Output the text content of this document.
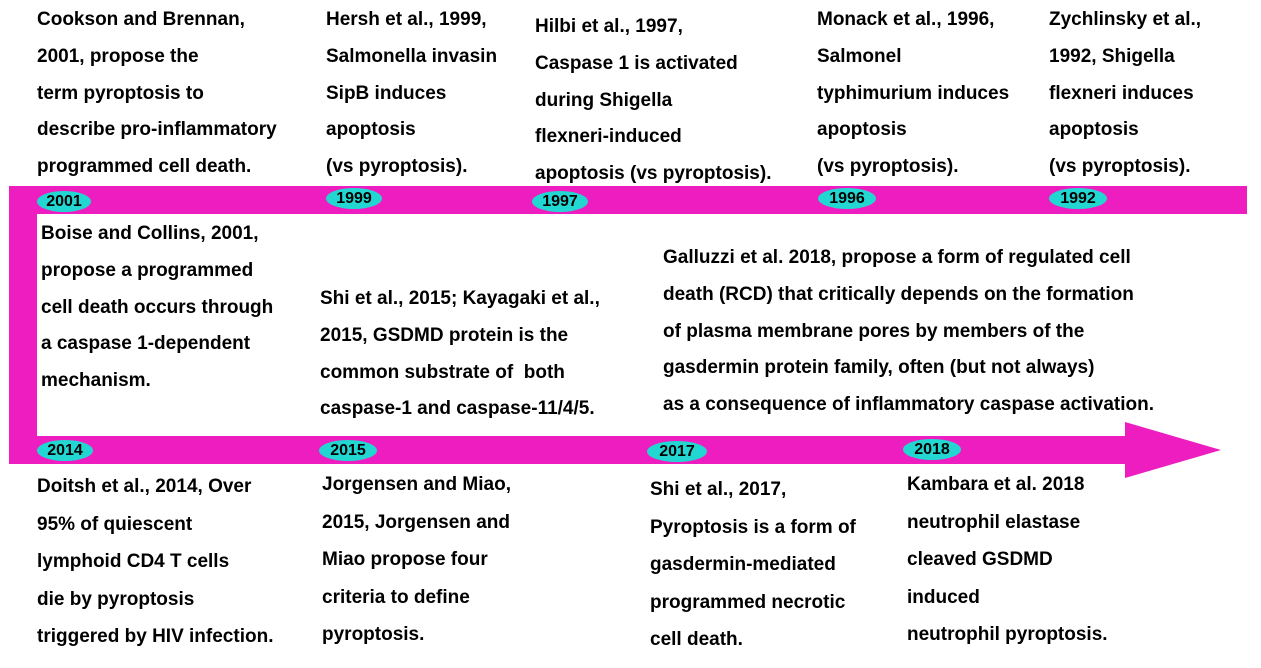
2001	1999	1997	1996	1992
2014	2015	2017	2018
Cookson and Brennan,
2001, propose the
term pyroptosis to
describe pro-inflammatory
programmed cell death.
Hersh et al., 1999,
Salmonella invasin
SipB induces
apoptosis
(vs pyroptosis).
Hilbi et al., 1997,
Caspase 1 is activated
during Shigella
flexneri-induced
apoptosis (vs pyroptosis).
Monack et al., 1996,
Salmonel
typhimurium induces
apoptosis
(vs pyroptosis).
Zychlinsky et al.,
1992, Shigella
flexneri induces
apoptosis
(vs pyroptosis).
Boise and Collins, 2001,
propose a programmed
cell death occurs through
a caspase 1-dependent
mechanism.
Shi et al., 2015; Kayagaki et al.,
2015, GSDMD protein is the
common substrate of  both
caspase-1 and caspase-11/4/5.
Galluzzi et al. 2018, propose a form of regulated cell
death (RCD) that critically depends on the formation
of plasma membrane pores by members of the
gasdermin protein family, often (but not always)
as a consequence of inflammatory caspase activation.
Doitsh et al., 2014, Over
95% of quiescent
lymphoid CD4 T cells
die by pyroptosis
triggered by HIV infection.
Jorgensen and Miao,
2015, Jorgensen and
Miao propose four
criteria to define
pyroptosis.
Shi et al., 2017,
Pyroptosis is a form of
gasdermin-mediated
programmed necrotic
cell death.
Kambara et al. 2018
neutrophil elastase
cleaved GSDMD
induced
neutrophil pyroptosis.
